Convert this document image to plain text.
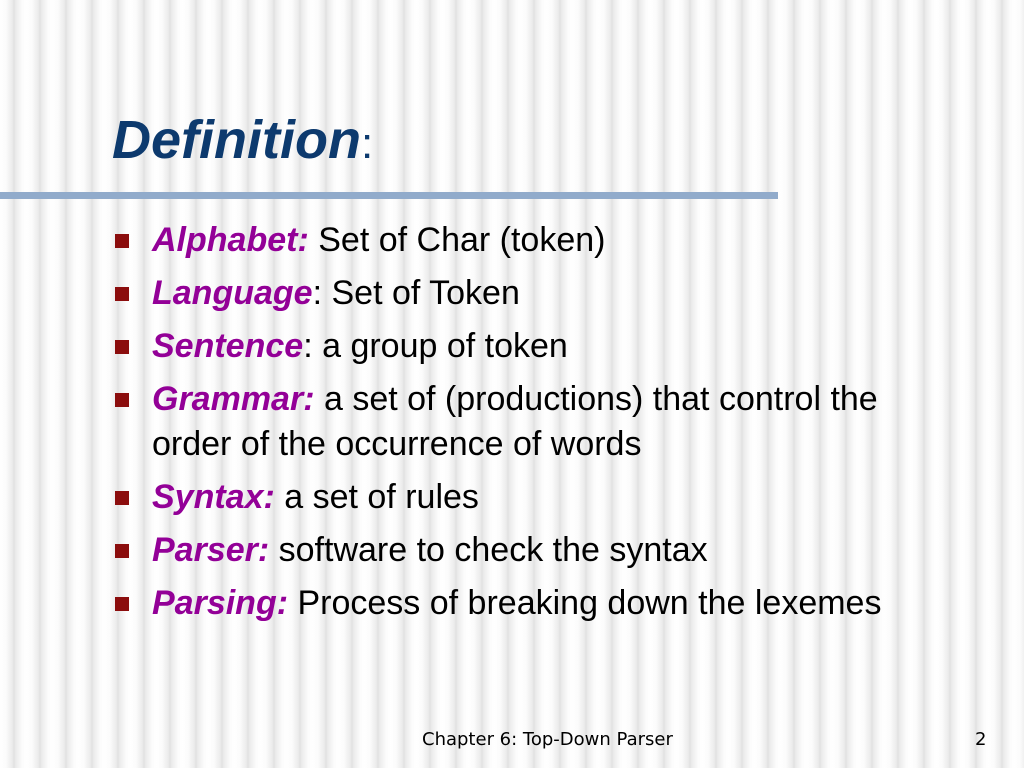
Definition:
Alphabet: Set of Char (token)
Language: Set of Token
Sentence: a group of token
Grammar: a set of (productions) that control the order of the occurrence of words
Syntax: a set of rules
Parser: software to check the syntax
Parsing: Process of breaking down the lexemes
Chapter 6: Top-Down Parser	2
